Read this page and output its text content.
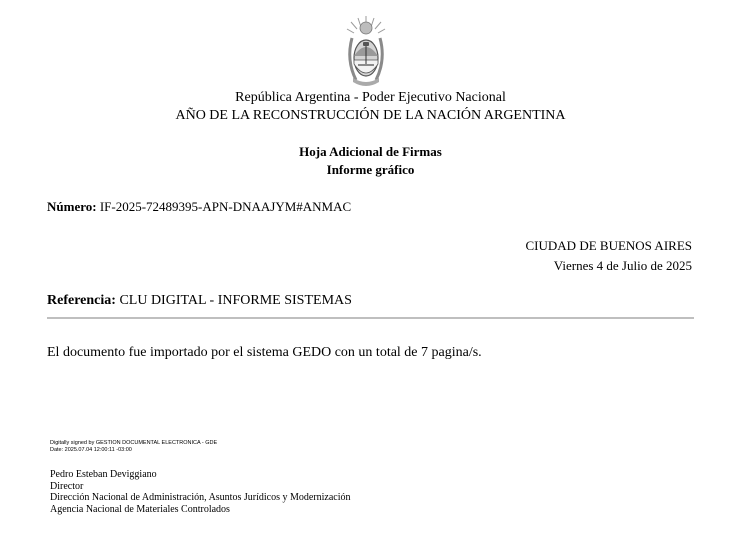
República Argentina - Poder Ejecutivo Nacional
AÑO DE LA RECONSTRUCCIÓN DE LA NACIÓN ARGENTINA
Hoja Adicional de Firmas
Informe gráfico
Número: IF-2025-72489395-APN-DNAAJYM#ANMAC
CIUDAD DE BUENOS AIRES
Viernes 4 de Julio de 2025
Referencia: CLU DIGITAL - INFORME SISTEMAS
El documento fue importado por el sistema GEDO con un total de 7 pagina/s.
Digitally signed by GESTION DOCUMENTAL ELECTRONICA - GDE
Date: 2025.07.04 12:00:11 -03:00
Pedro Esteban Deviggiano
Director
Dirección Nacional de Administración, Asuntos Jurídicos y Modernización
Agencia Nacional de Materiales Controlados
